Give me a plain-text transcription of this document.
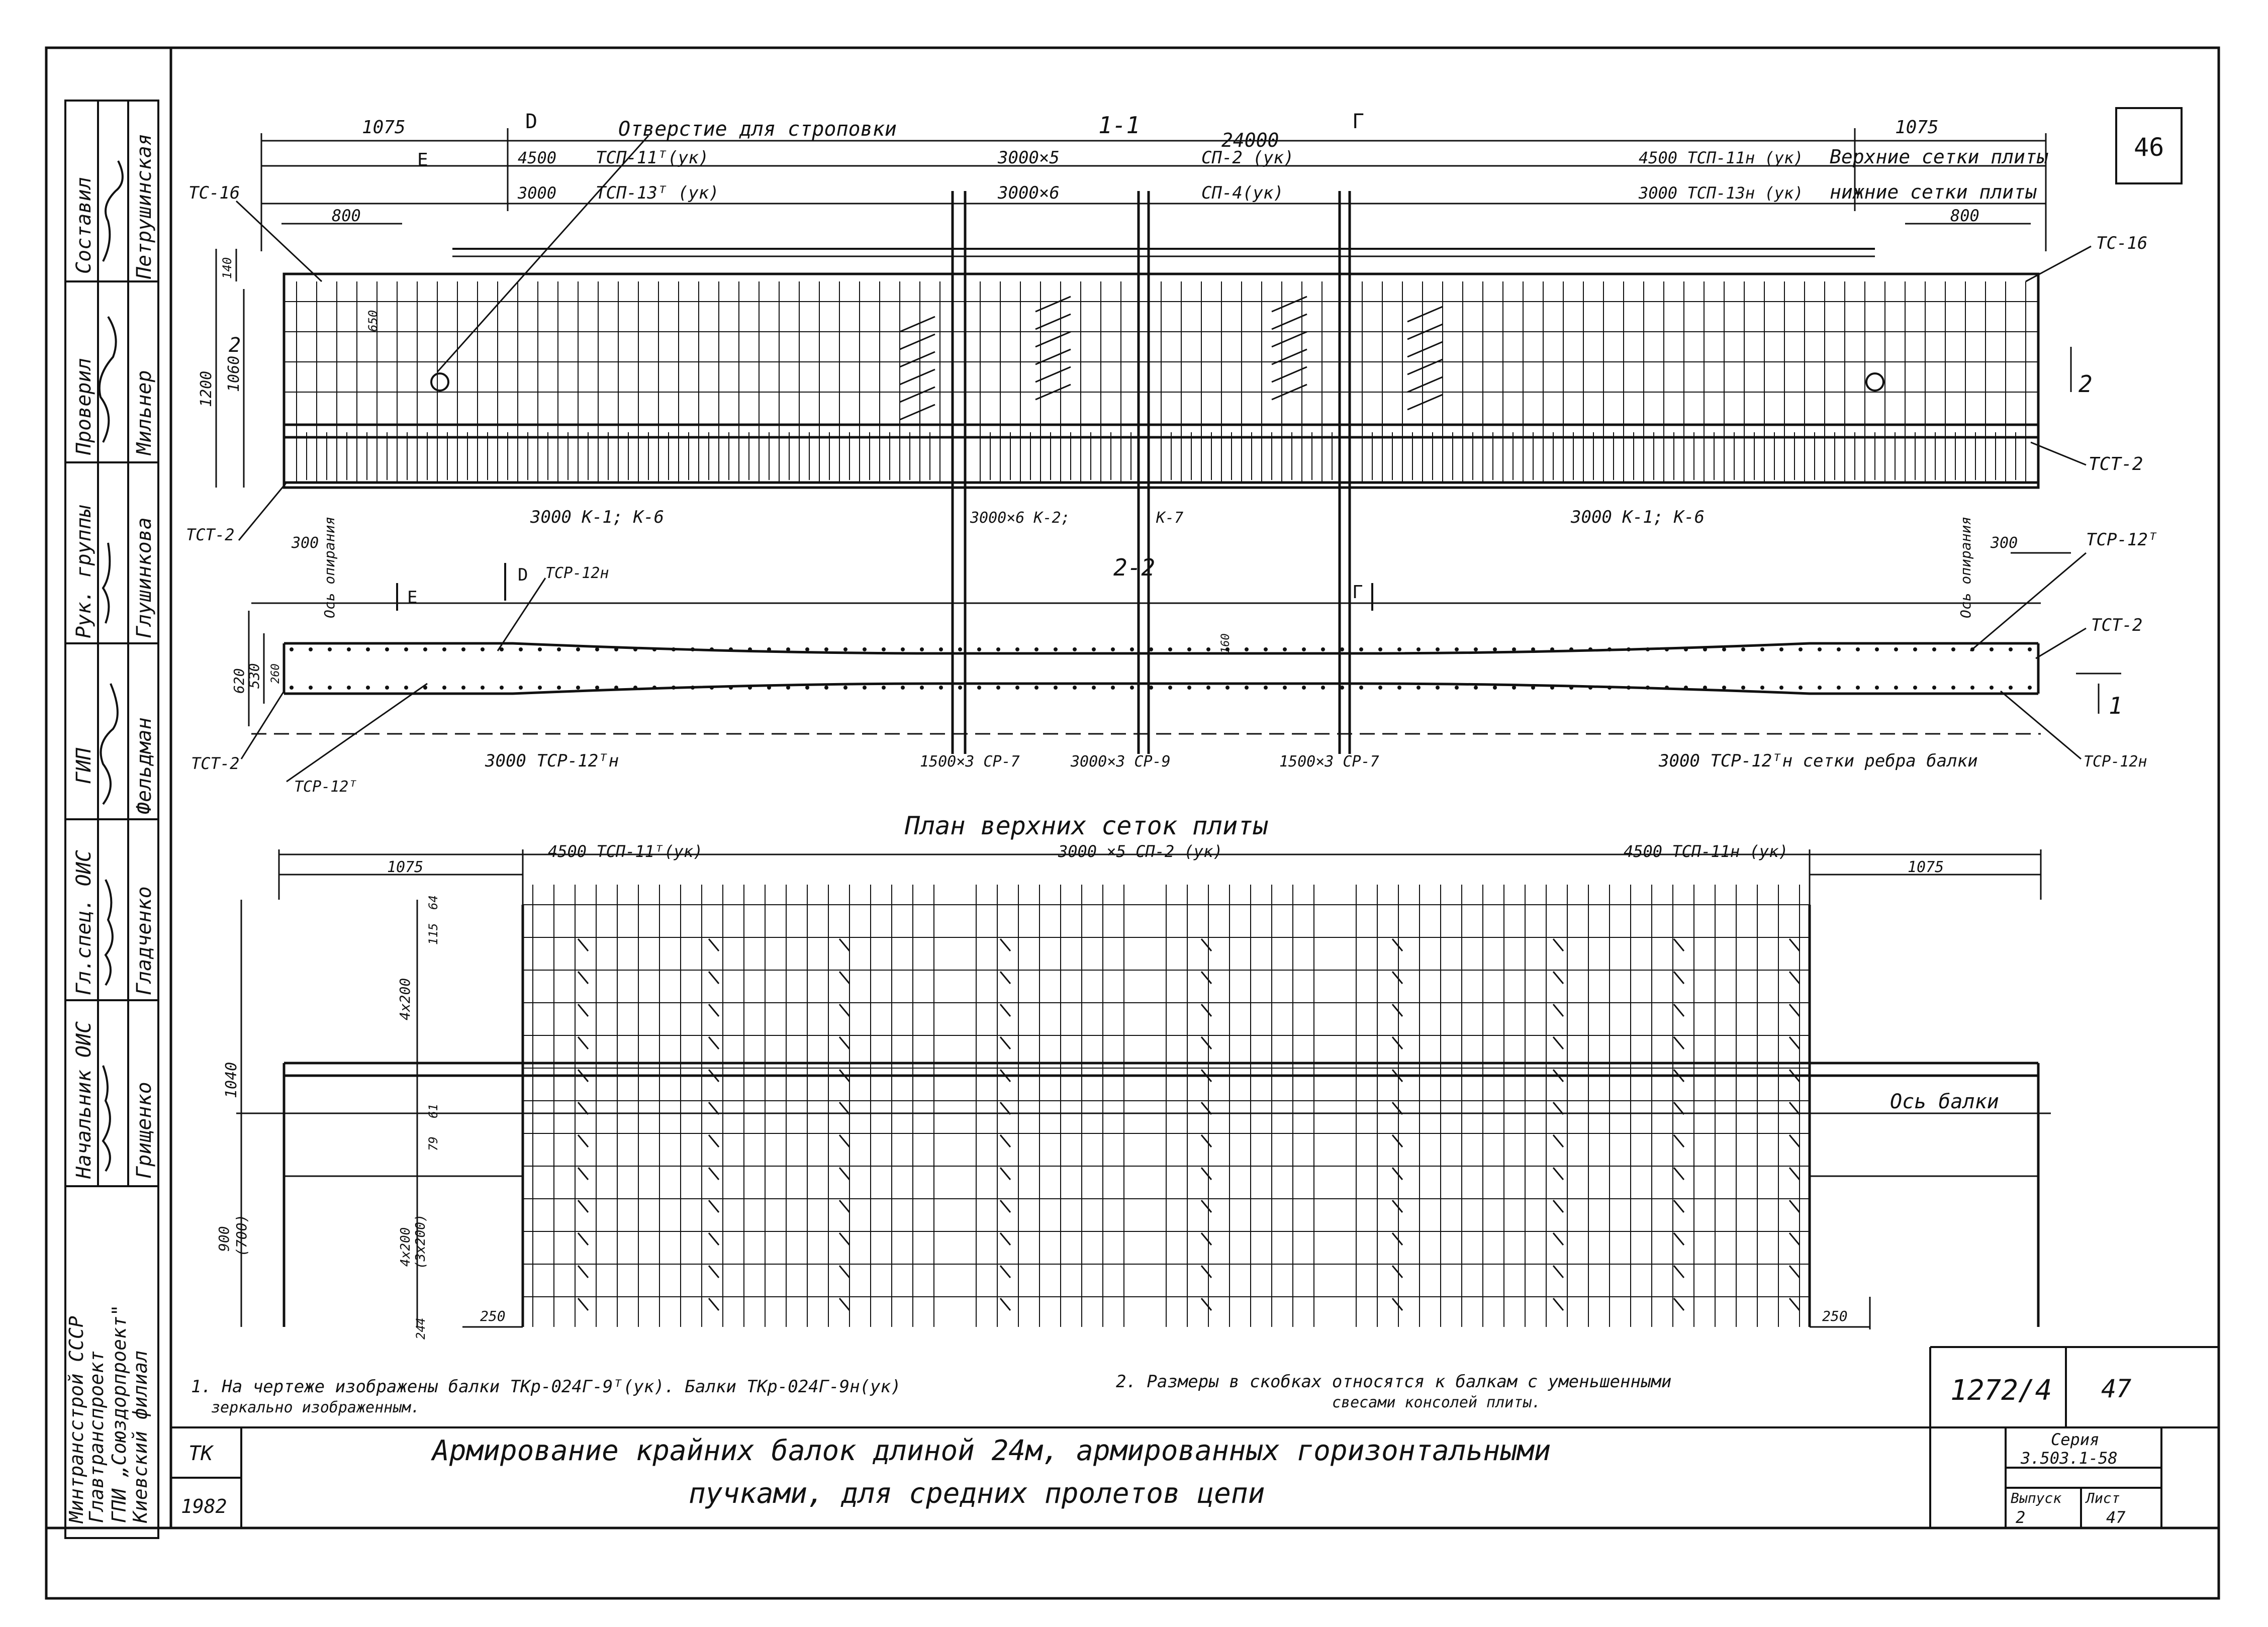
Составил Петрушинская
Проверил Мильнер
Рук. группы Глушинкова
ГИП Фельдман
Гл.спец. ОИС Гладченко
Начальник ОИС Грищенко
Минтрансстрой СССР
Главтранспроект ГПИ „Союздорпроект"
Киевский филиал
46
1-1
24000
1075	1075
D
Е
Г
Отверстие для строповки
4500 ТСП-11ᵀ(ук)	3000×5	СП-2 (ук)	4500 ТСП-11н (ук) Верхние сетки плиты
3000 ТСП-13ᵀ (ук)	3000×6	СП-4(ук)	3000 ТСП-13н (ук) нижние сетки плиты
ТС-16
ТС-16
800	800
1200 1060
140
650
2
2
ТСТ-2
ТСТ-2
3000 К-1; К-6	3000×6 К-2;	К-7	3000 К-1; К-6
Ось опирания	Ось опирания
300	300	ТСР-12ᵀ
2-2
D ТСР-12н
Е	Г
620
530 260
160
ТСТ-2
ТСТ-2
ТСР-12ᵀ
ТСР-12н
1
3000 ТСР-12ᵀн	1500×3 СР-7	3000×3 СР-9	1500×3 СР-7	3000 ТСР-12ᵀн сетки ребра балки
План верхних сеток плиты
4500 ТСП-11ᵀ(ук)	3000 ×5 СП-2 (ук)	4500 ТСП-11н (ук)
1075	1075
64
115
4x200
1040
61
79
900 (700)	4x200 (3x200)
244
250	250
Ось балки
1. На чертеже изображены балки ТКр-024Г-9ᵀ(ук). Балки ТКр-024Г-9н(ук)
зеркально изображенным.
2. Размеры в скобках относятся к балкам с уменьшенными
свесами консолей плиты.	1272/4 47
ТК
1982
Армирование крайних балок длиной 24м, армированных горизонтальными
пучками, для средних пролетов цепи
Серия
3.503.1-58
Выпуск
2
Лист
47
